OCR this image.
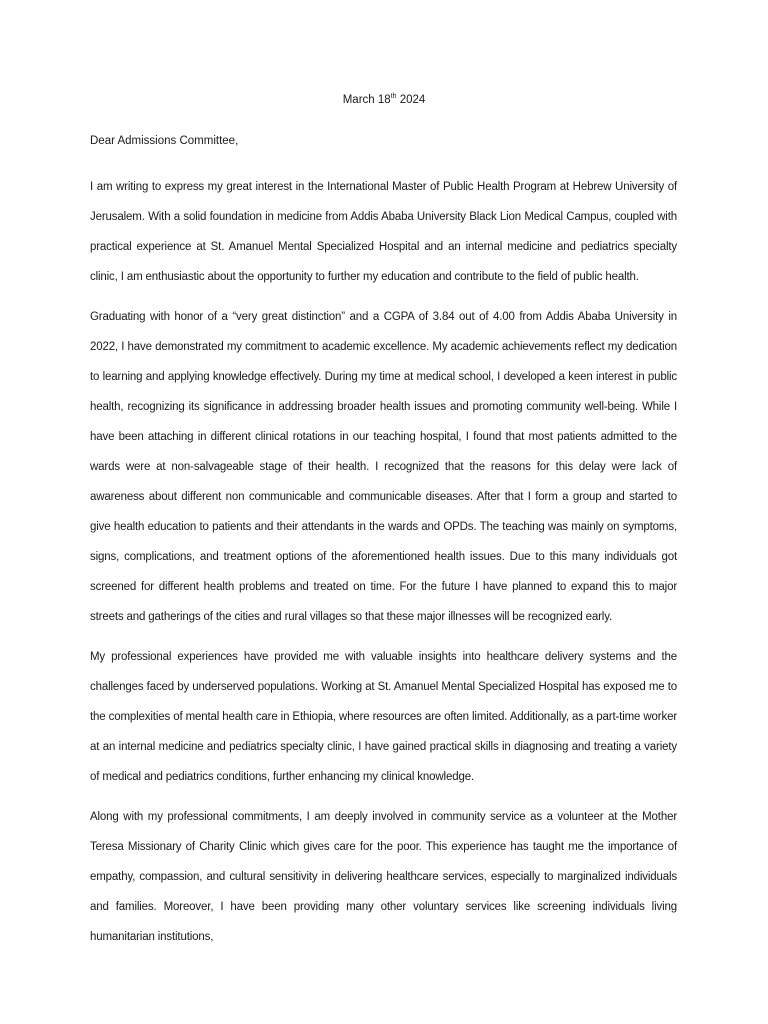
March 18th 2024
Dear Admissions Committee,

I am writing to express my great interest in the International Master of Public Health Program at Hebrew University of Jerusalem. With a solid foundation in medicine from Addis Ababa University Black Lion Medical Campus, coupled with practical experience at St. Amanuel Mental Specialized Hospital and an internal medicine and pediatrics specialty clinic, I am enthusiastic about the opportunity to further my education and contribute to the field of public health.

Graduating with honor of a “very great distinction” and a CGPA of 3.84 out of 4.00 from Addis Ababa University in 2022, I have demonstrated my commitment to academic excellence. My academic achievements reflect my dedication to learning and applying knowledge effectively. During my time at medical school, I developed a keen interest in public health, recognizing its significance in addressing broader health issues and promoting community well-being. While I have been attaching in different clinical rotations in our teaching hospital, I found that most patients admitted to the wards were at non-salvageable stage of their health. I recognized that the reasons for this delay were lack of awareness about different non communicable and communicable diseases. After that I form a group and started to give health education to patients and their attendants in the wards and OPDs. The teaching was mainly on symptoms, signs, complications, and treatment options of the aforementioned health issues. Due to this many individuals got screened for different health problems and treated on time. For the future I have planned to expand this to major streets and gatherings of the cities and rural villages so that these major illnesses will be recognized early.

My professional experiences have provided me with valuable insights into healthcare delivery systems and the challenges faced by underserved populations. Working at St. Amanuel Mental Specialized Hospital has exposed me to the complexities of mental health care in Ethiopia, where resources are often limited. Additionally, as a part-time worker at an internal medicine and pediatrics specialty clinic, I have gained practical skills in diagnosing and treating a variety of medical and pediatrics conditions, further enhancing my clinical knowledge.

Along with my professional commitments, I am deeply involved in community service as a volunteer at the Mother Teresa Missionary of Charity Clinic which gives care for the poor. This experience has taught me the importance of empathy, compassion, and cultural sensitivity in delivering healthcare services, especially to marginalized individuals and families. Moreover, I have been providing many other voluntary services like screening individuals living humanitarian institutions,
